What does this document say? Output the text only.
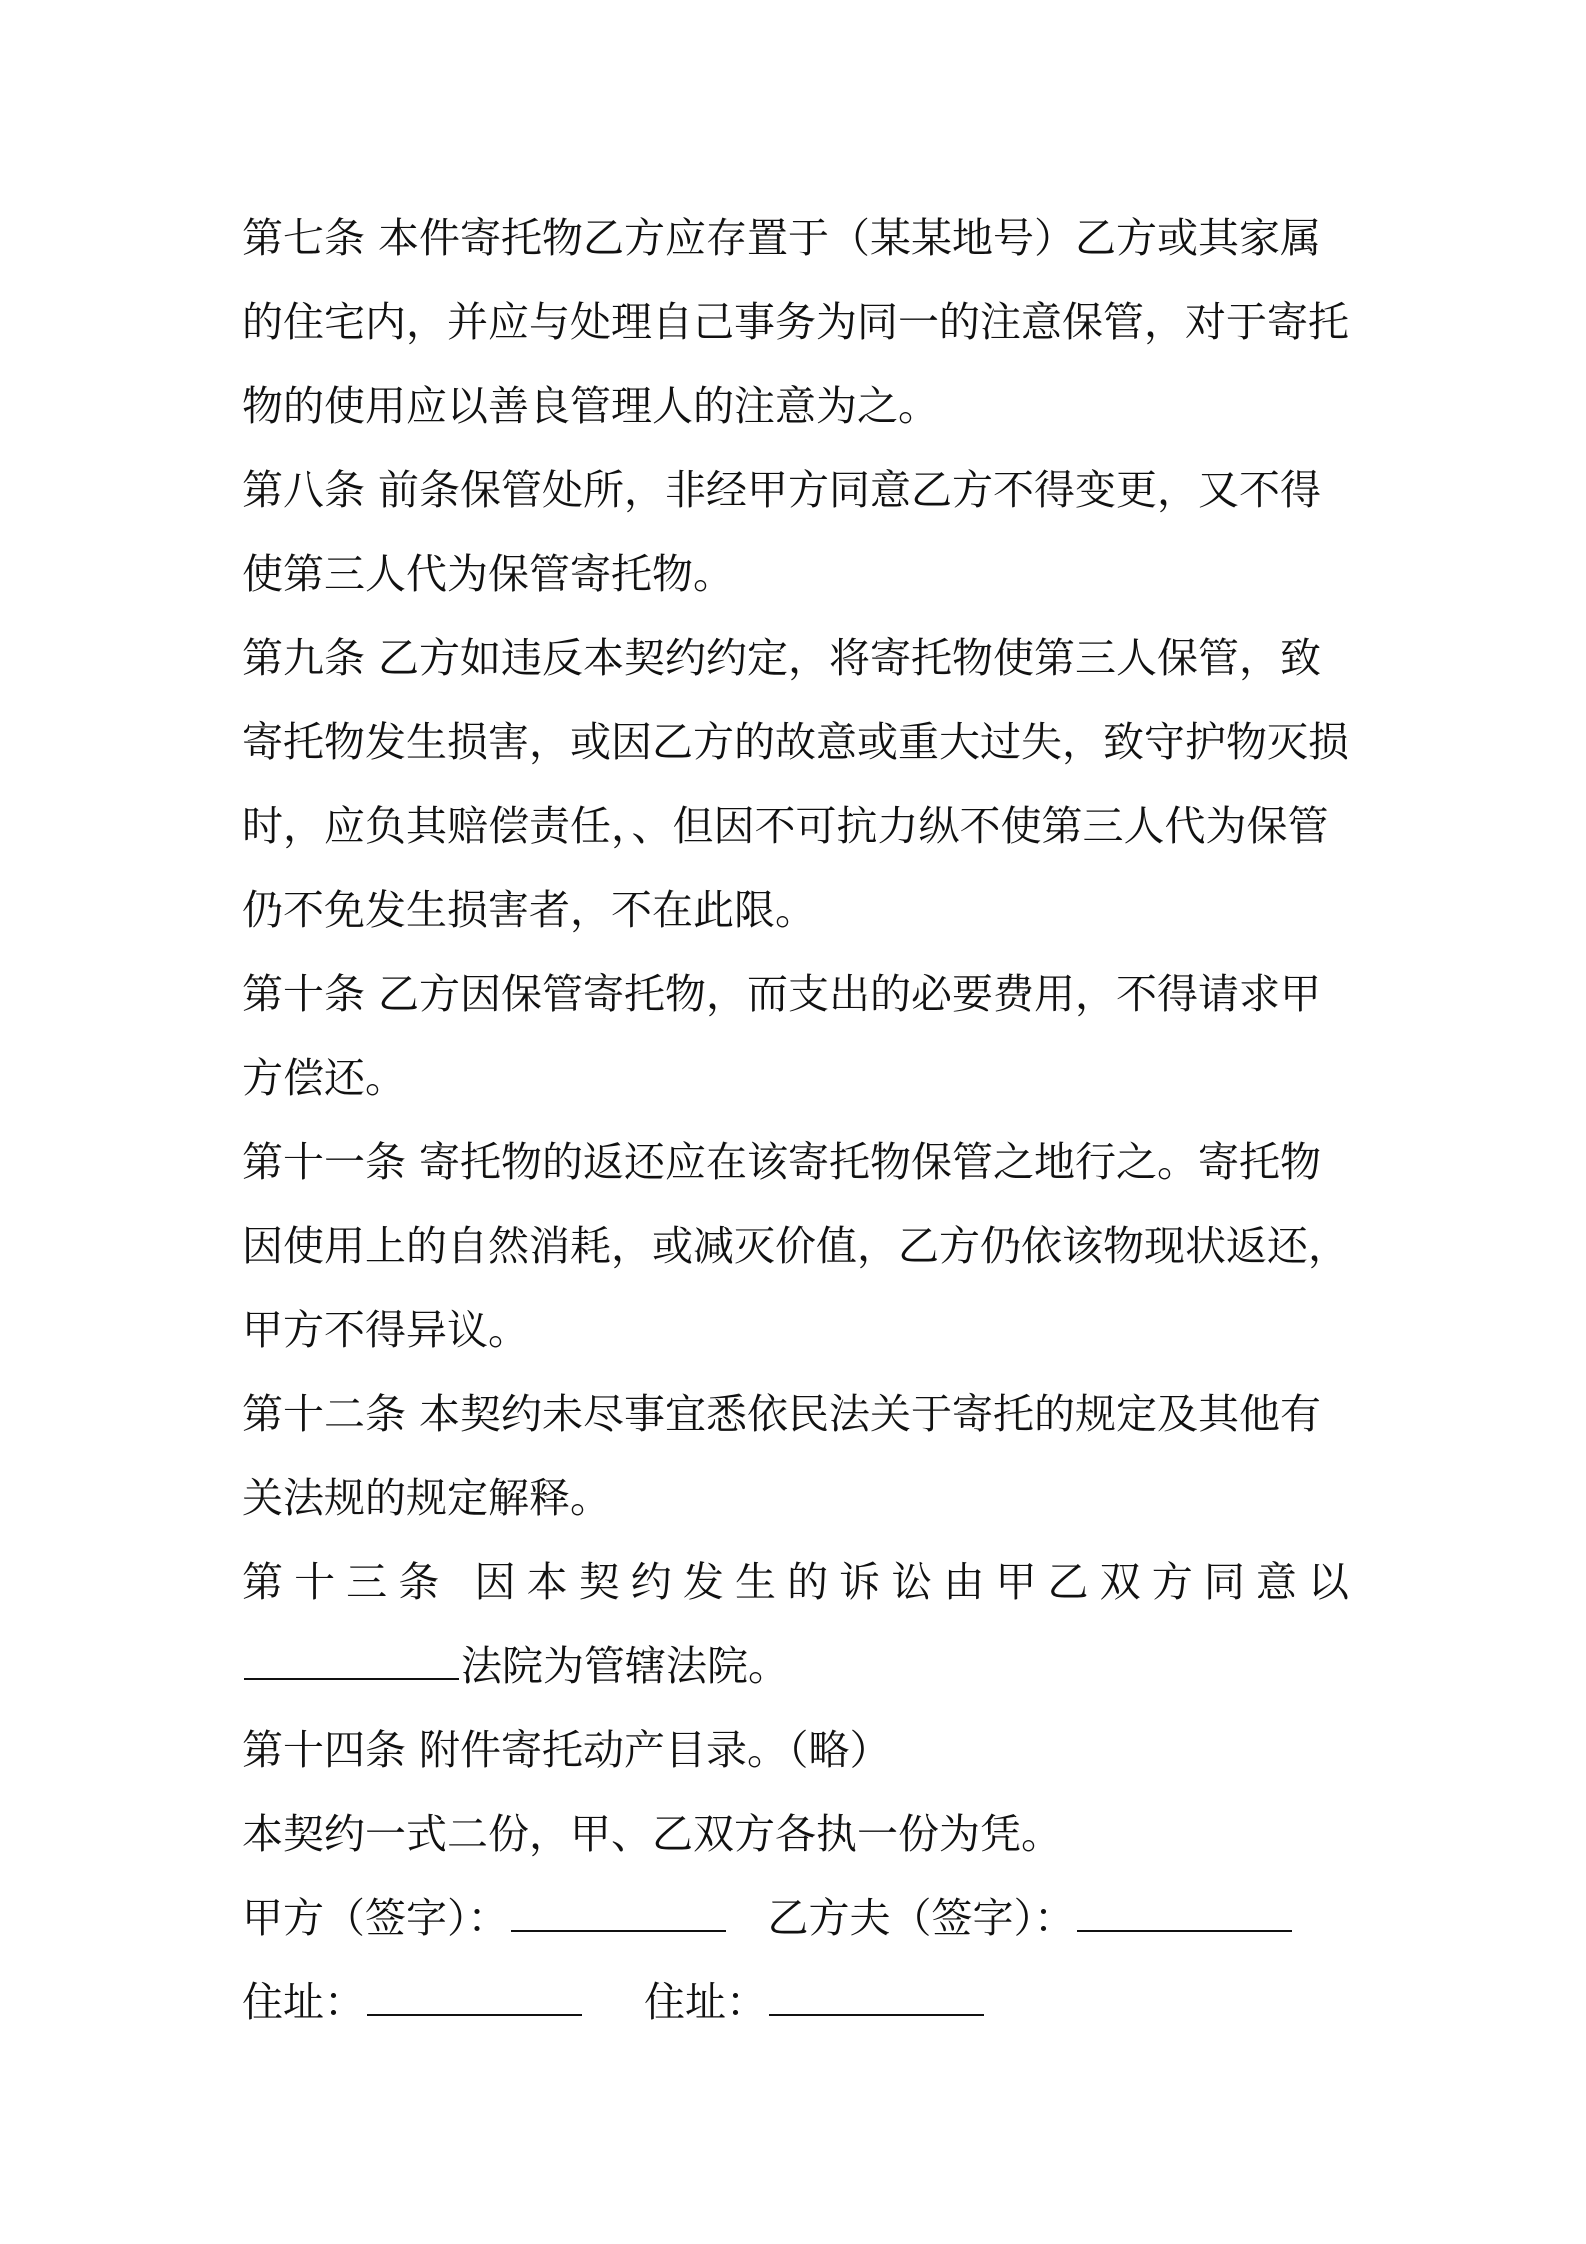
第七条 本件寄托物乙方应存置于（某某地号）乙方或其家属的住宅内，并应与处理自己事务为同一的注意保管，对于寄托物的使用应以善良管理人的注意为之。

第八条 前条保管处所，非经甲方同意乙方不得变更，又不得使第三人代为保管寄托物。

第九条 乙方如违反本契约约定，将寄托物使第三人保管，致寄托物发生损害，或因乙方的故意或重大过失，致守护物灭损时，应负其赔偿责任，、但因不可抗力纵不使第三人代为保管仍不免发生损害者，不在此限。

第十条 乙方因保管寄托物，而支出的必要费用，不得请求甲方偿还。

第十一条 寄托物的返还应在该寄托物保管之地行之。寄托物因使用上的自然消耗，或减灭价值，乙方仍依该物现状返还，甲方不得异议。

第十二条 本契约未尽事宜悉依民法关于寄托的规定及其他有关法规的规定解释。

第十三条 因本契约发生的诉讼由甲乙双方同意以
法院为管辖法院。

第十四条 附件寄托动产目录。（略）

本契约一式二份，甲、乙双方各执一份为凭。

甲方（签字）：	乙方夫（签字）：
住址：	住址：
